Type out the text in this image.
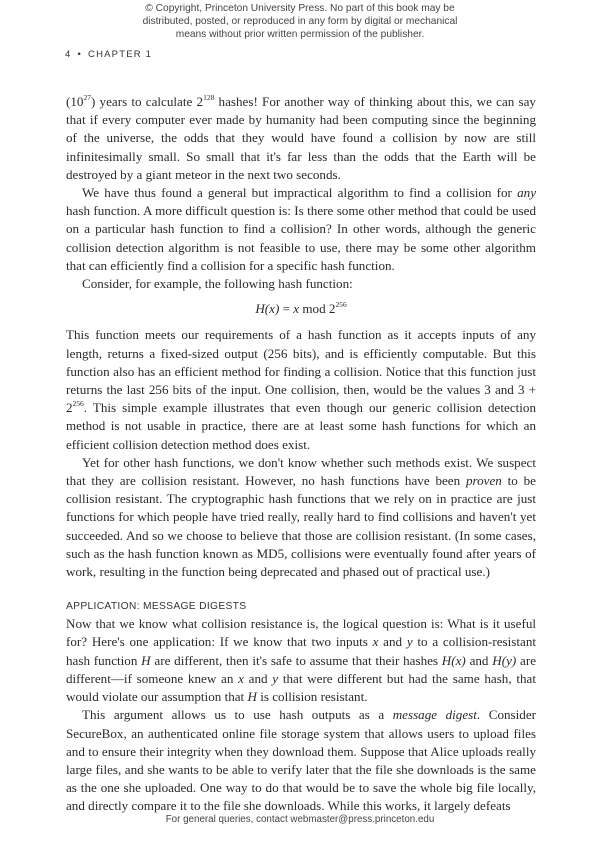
© Copyright, Princeton University Press. No part of this book may be
distributed, posted, or reproduced in any form by digital or mechanical
means without prior written permission of the publisher.
4 • CHAPTER 1

$(10^{27})$ years to calculate $2^{128}$ hashes! For another way of thinking about this, we can say that if every computer ever made by humanity had been computing since the beginning of the universe, the odds that they would have found a collision by now are still infinitesimally small. So small that it's far less than the odds that the Earth will be destroyed by a giant meteor in the next two seconds.

We have thus found a general but impractical algorithm to find a collision for any hash function. A more difficult question is: Is there some other method that could be used on a particular hash function to find a collision? In other words, although the generic collision detection algorithm is not feasible to use, there may be some other algorithm that can efficiently find a collision for a specific hash function.

Consider, for example, the following hash function:

H(x) = x mod $2^{256}$

This function meets our requirements of a hash function as it accepts inputs of any length, returns a fixed-sized output (256 bits), and is efficiently computable. But this function also has an efficient method for finding a collision. Notice that this function just returns the last 256 bits of the input. One collision, then, would be the values 3 and $3 + 2^{256}$. This simple example illustrates that even though our generic collision detection method is not usable in practice, there are at least some hash functions for which an efficient collision detection method does exist.

Yet for other hash functions, we don't know whether such methods exist. We suspect that they are collision resistant. However, no hash functions have been proven to be collision resistant. The cryptographic hash functions that we rely on in practice are just functions for which people have tried really, really hard to find collisions and haven't yet succeeded. And so we choose to believe that those are collision resistant. (In some cases, such as the hash function known as MD5, collisions were eventually found after years of work, resulting in the function being deprecated and phased out of practical use.)

APPLICATION: MESSAGE DIGESTS

Now that we know what collision resistance is, the logical question is: What is it useful for? Here's one application: If we know that two inputs x and y to a collision-resistant hash function H are different, then it's safe to assume that their hashes H(x) and H(y) are different—if someone knew an x and y that were different but had the same hash, that would violate our assumption that H is collision resistant.

This argument allows us to use hash outputs as a message digest. Consider SecureBox, an authenticated online file storage system that allows users to upload files and to ensure their integrity when they download them. Suppose that Alice uploads really large files, and she wants to be able to verify later that the file she downloads is the same as the one she uploaded. One way to do that would be to save the whole big file locally, and directly compare it to the file she downloads. While this works, it largely defeats

For general queries, contact webmaster@press.princeton.edu
